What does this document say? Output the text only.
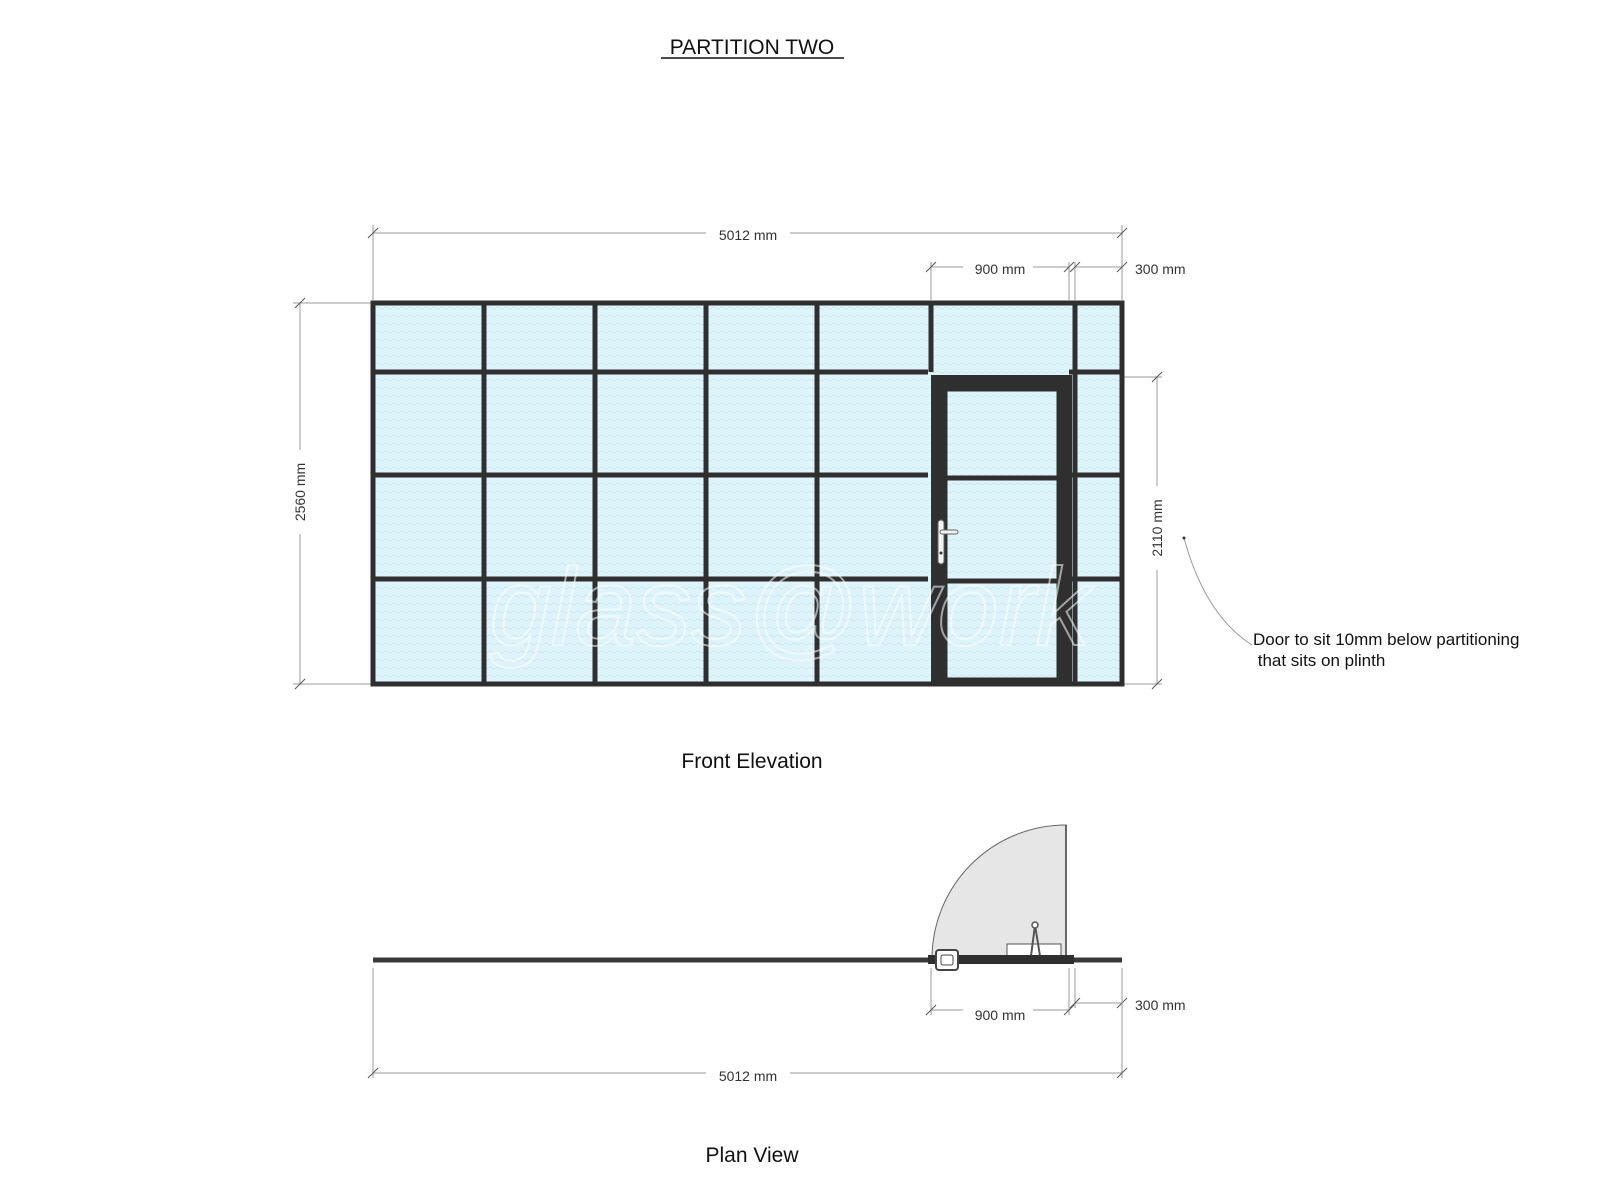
PARTITION TWO
5012 mm
900 mm	300 mm
2560 mm
2110 mm
glass@work	Door to sit 10mm below partitioning
that sits on plinth
Front Elevation
900 mm
300 mm
5012 mm
Plan View
